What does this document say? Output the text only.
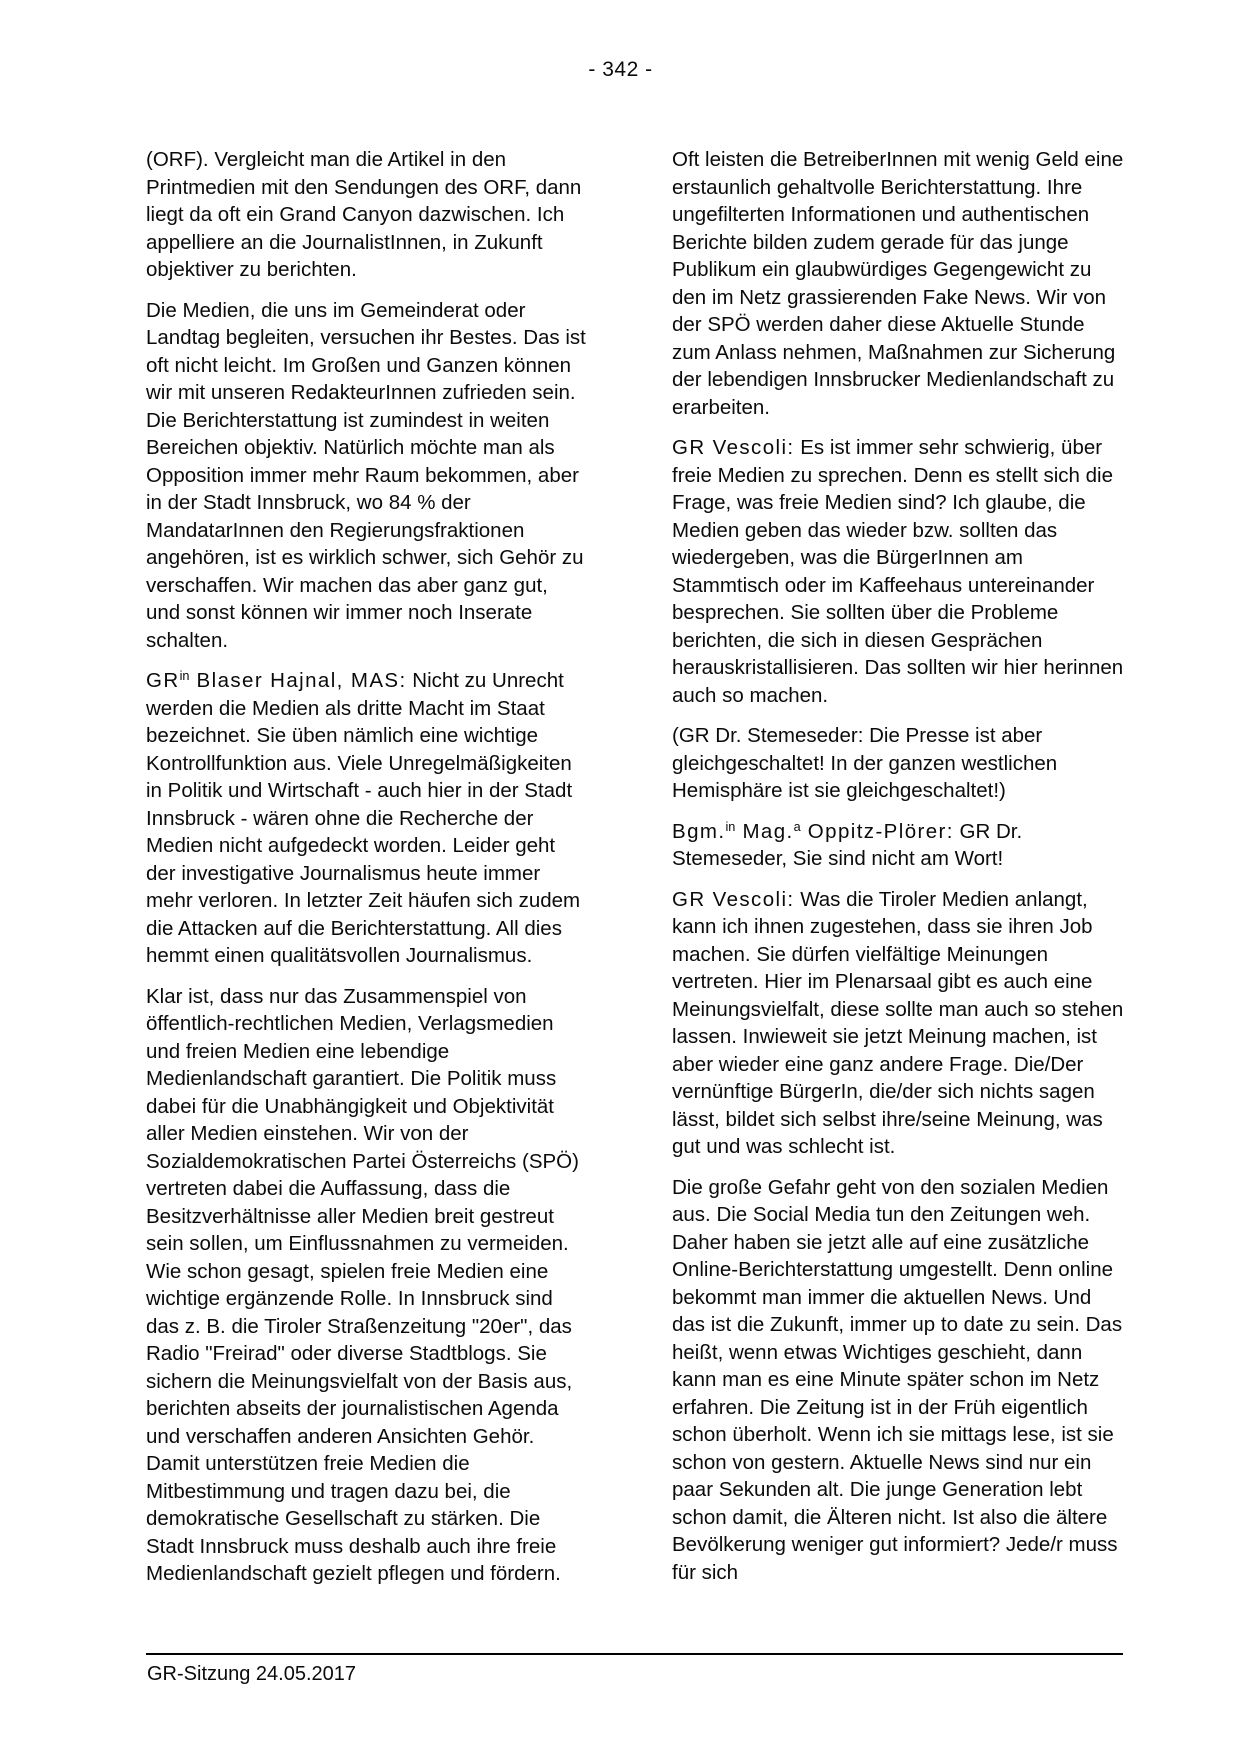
- 342 -

(ORF). Vergleicht man die Artikel in den Printmedien mit den Sendungen des ORF, dann liegt da oft ein Grand Canyon dazwischen. Ich appelliere an die JournalistInnen, in Zukunft objektiver zu berichten.

Die Medien, die uns im Gemeinderat oder Landtag begleiten, versuchen ihr Bestes. Das ist oft nicht leicht. Im Großen und Ganzen können wir mit unseren RedakteurInnen zufrieden sein. Die Berichterstattung ist zumindest in weiten Bereichen objektiv. Natürlich möchte man als Opposition immer mehr Raum bekommen, aber in der Stadt Innsbruck, wo 84 % der MandatarInnen den Regierungsfraktionen angehören, ist es wirklich schwer, sich Gehör zu verschaffen. Wir machen das aber ganz gut, und sonst können wir immer noch Inserate schalten.

$GR^{in}$ Blaser Hajnal, MAS: Nicht zu Unrecht werden die Medien als dritte Macht im Staat bezeichnet. Sie üben nämlich eine wichtige Kontrollfunktion aus. Viele Unregelmäßigkeiten in Politik und Wirtschaft - auch hier in der Stadt Innsbruck - wären ohne die Recherche der Medien nicht aufgedeckt worden. Leider geht der investigative Journalismus heute immer mehr verloren. In letzter Zeit häufen sich zudem die Attacken auf die Berichterstattung. All dies hemmt einen qualitätsvollen Journalismus.

Klar ist, dass nur das Zusammenspiel von öffentlich-rechtlichen Medien, Verlagsmedien und freien Medien eine lebendige Medienlandschaft garantiert. Die Politik muss dabei für die Unabhängigkeit und Objektivität aller Medien einstehen. Wir von der Sozialdemokratischen Partei Österreichs (SPÖ) vertreten dabei die Auffassung, dass die Besitzverhältnisse aller Medien breit gestreut sein sollen, um Einflussnahmen zu vermeiden. Wie schon gesagt, spielen freie Medien eine wichtige ergänzende Rolle. In Innsbruck sind das z. B. die Tiroler Straßenzeitung "20er", das Radio "Freirad" oder diverse Stadtblogs. Sie sichern die Meinungsvielfalt von der Basis aus, berichten abseits der journalistischen Agenda und verschaffen anderen Ansichten Gehör. Damit unterstützen freie Medien die Mitbestimmung und tragen dazu bei, die demokratische Gesellschaft zu stärken. Die Stadt Innsbruck muss deshalb auch ihre freie Medienlandschaft gezielt pflegen und fördern.

Oft leisten die BetreiberInnen mit wenig Geld eine erstaunlich gehaltvolle Berichterstattung. Ihre ungefilterten Informationen und authentischen Berichte bilden zudem gerade für das junge Publikum ein glaubwürdiges Gegengewicht zu den im Netz grassierenden Fake News. Wir von der SPÖ werden daher diese Aktuelle Stunde zum Anlass nehmen, Maßnahmen zur Sicherung der lebendigen Innsbrucker Medienlandschaft zu erarbeiten.

GR Vescoli: Es ist immer sehr schwierig, über freie Medien zu sprechen. Denn es stellt sich die Frage, was freie Medien sind? Ich glaube, die Medien geben das wieder bzw. sollten das wiedergeben, was die BürgerInnen am Stammtisch oder im Kaffeehaus untereinander besprechen. Sie sollten über die Probleme berichten, die sich in diesen Gesprächen herauskristallisieren. Das sollten wir hier herinnen auch so machen.

(GR Dr. Stemeseder: Die Presse ist aber gleichgeschaltet! In der ganzen westlichen Hemisphäre ist sie gleichgeschaltet!)

Bgm.$^{in}$ Mag.$^a$ Oppitz-Plörer: GR Dr. Stemeseder, Sie sind nicht am Wort!

GR Vescoli: Was die Tiroler Medien anlangt, kann ich ihnen zugestehen, dass sie ihren Job machen. Sie dürfen vielfältige Meinungen vertreten. Hier im Plenarsaal gibt es auch eine Meinungsvielfalt, diese sollte man auch so stehen lassen. Inwieweit sie jetzt Meinung machen, ist aber wieder eine ganz andere Frage. Die/Der vernünftige BürgerIn, die/der sich nichts sagen lässt, bildet sich selbst ihre/seine Meinung, was gut und was schlecht ist.

Die große Gefahr geht von den sozialen Medien aus. Die Social Media tun den Zeitungen weh. Daher haben sie jetzt alle auf eine zusätzliche Online-Berichterstattung umgestellt. Denn online bekommt man immer die aktuellen News. Und das ist die Zukunft, immer up to date zu sein. Das heißt, wenn etwas Wichtiges geschieht, dann kann man es eine Minute später schon im Netz erfahren. Die Zeitung ist in der Früh eigentlich schon überholt. Wenn ich sie mittags lese, ist sie schon von gestern. Aktuelle News sind nur ein paar Sekunden alt. Die junge Generation lebt schon damit, die Älteren nicht. Ist also die ältere Bevölkerung weniger gut informiert? Jede/r muss für sich

GR-Sitzung 24.05.2017
